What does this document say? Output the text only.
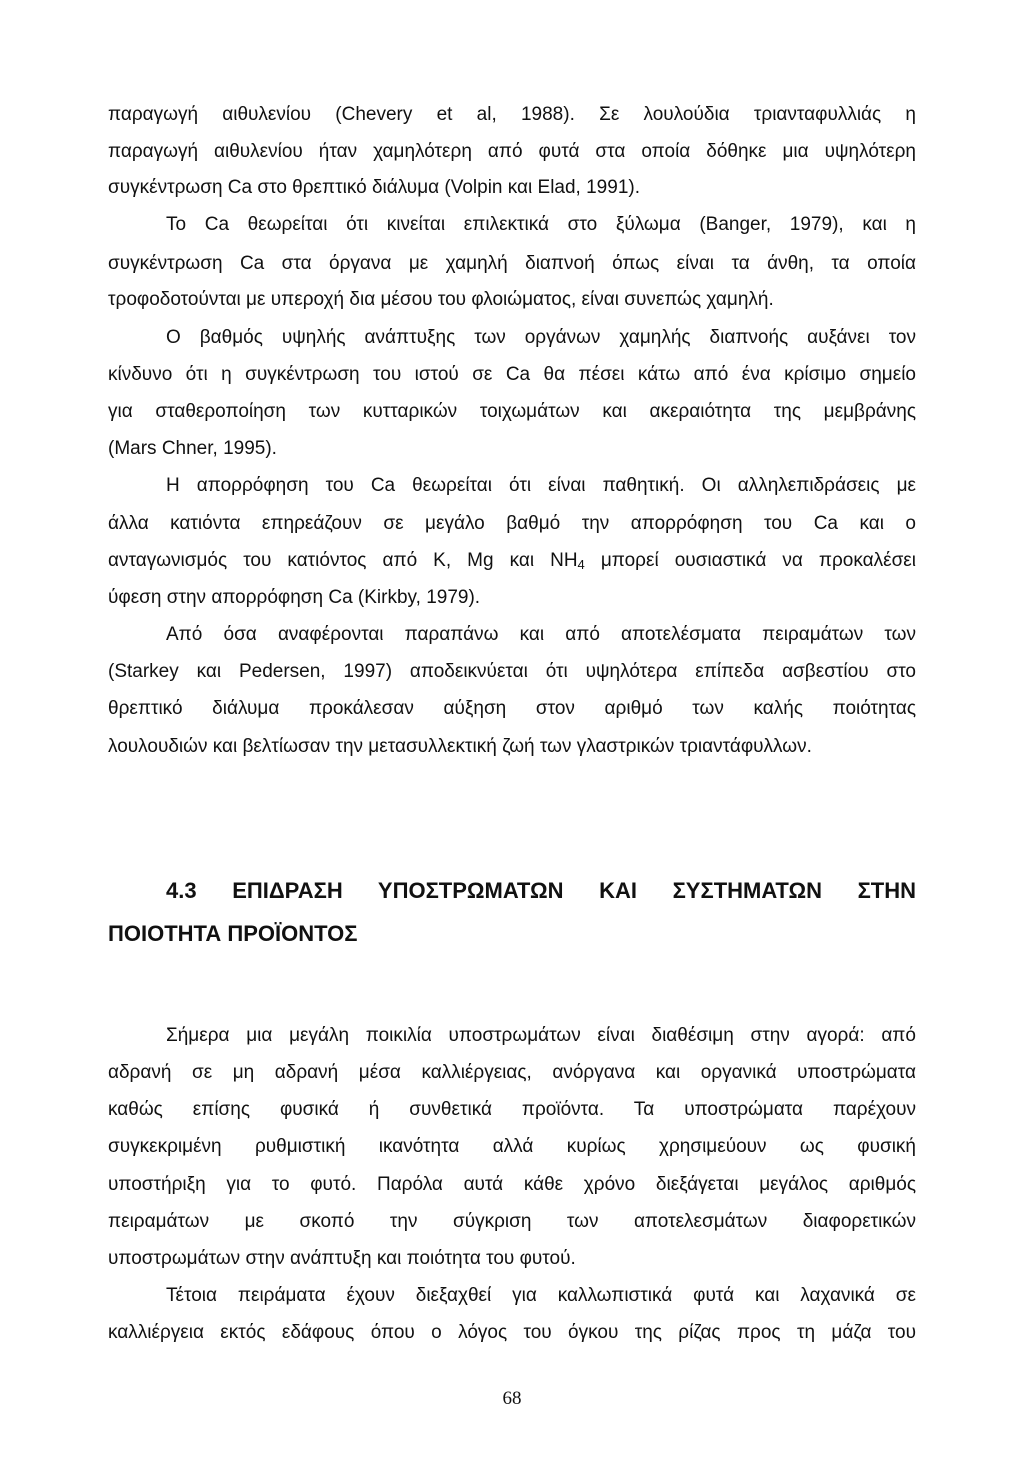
παραγωγή αιθυλενίου (Chevery et al, 1988). Σε λουλούδια τριανταφυλλιάς η
παραγωγή αιθυλενίου ήταν χαμηλότερη από φυτά στα οποία δόθηκε μια υψηλότερη
συγκέντρωση Ca στο θρεπτικό διάλυμα (Volpin και Elad, 1991).
Το Ca θεωρείται ότι κινείται επιλεκτικά στο ξύλωμα (Banger, 1979), και η
συγκέντρωση Ca στα όργανα με χαμηλή διαπνοή όπως είναι τα άνθη, τα οποία
τροφοδοτούνται με υπεροχή δια μέσου του φλοιώματος, είναι συνεπώς χαμηλή.
Ο βαθμός υψηλής ανάπτυξης των οργάνων χαμηλής διαπνοής αυξάνει τον
κίνδυνο ότι η συγκέντρωση του ιστού σε Ca θα πέσει κάτω από ένα κρίσιμο σημείο
για σταθεροποίηση των κυτταρικών τοιχωμάτων και ακεραιότητα της μεμβράνης
(Mars Chner, 1995).
Η απορρόφηση του Ca θεωρείται ότι είναι παθητική. Οι αλληλεπιδράσεις με
άλλα κατιόντα επηρεάζουν σε μεγάλο βαθμό την απορρόφηση του Ca και ο
ανταγωνισμός του κατιόντος από K, Mg και $NH_4$ μπορεί ουσιαστικά να προκαλέσει
ύφεση στην απορρόφηση Ca (Kirkby, 1979).
Από όσα αναφέρονται παραπάνω και από αποτελέσματα πειραμάτων των
(Starkey και Pedersen, 1997) αποδεικνύεται ότι υψηλότερα επίπεδα ασβεστίου στο
θρεπτικό διάλυμα προκάλεσαν αύξηση στον αριθμό των καλής ποιότητας
λουλουδιών και βελτίωσαν την μετασυλλεκτική ζωή των γλαστρικών τριαντάφυλλων.
4.3 ΕΠΙΔΡΑΣΗ ΥΠΟΣΤΡΩΜΑΤΩΝ ΚΑΙ ΣΥΣΤΗΜΑΤΩΝ ΣΤΗΝ
ΠΟΙΟΤΗΤΑ ΠΡΟΪΟΝΤΟΣ
Σήμερα μια μεγάλη ποικιλία υποστρωμάτων είναι διαθέσιμη στην αγορά: από
αδρανή σε μη αδρανή μέσα καλλιέργειας, ανόργανα και οργανικά υποστρώματα
καθώς επίσης φυσικά ή συνθετικά προϊόντα. Τα υποστρώματα παρέχουν
συγκεκριμένη ρυθμιστική ικανότητα αλλά κυρίως χρησιμεύουν ως φυσική
υποστήριξη για το φυτό. Παρόλα αυτά κάθε χρόνο διεξάγεται μεγάλος αριθμός
πειραμάτων με σκοπό την σύγκριση των αποτελεσμάτων διαφορετικών
υποστρωμάτων στην ανάπτυξη και ποιότητα του φυτού.
Τέτοια πειράματα έχουν διεξαχθεί για καλλωπιστικά φυτά και λαχανικά σε
καλλιέργεια εκτός εδάφους όπου ο λόγος του όγκου της ρίζας προς τη μάζα του
68
